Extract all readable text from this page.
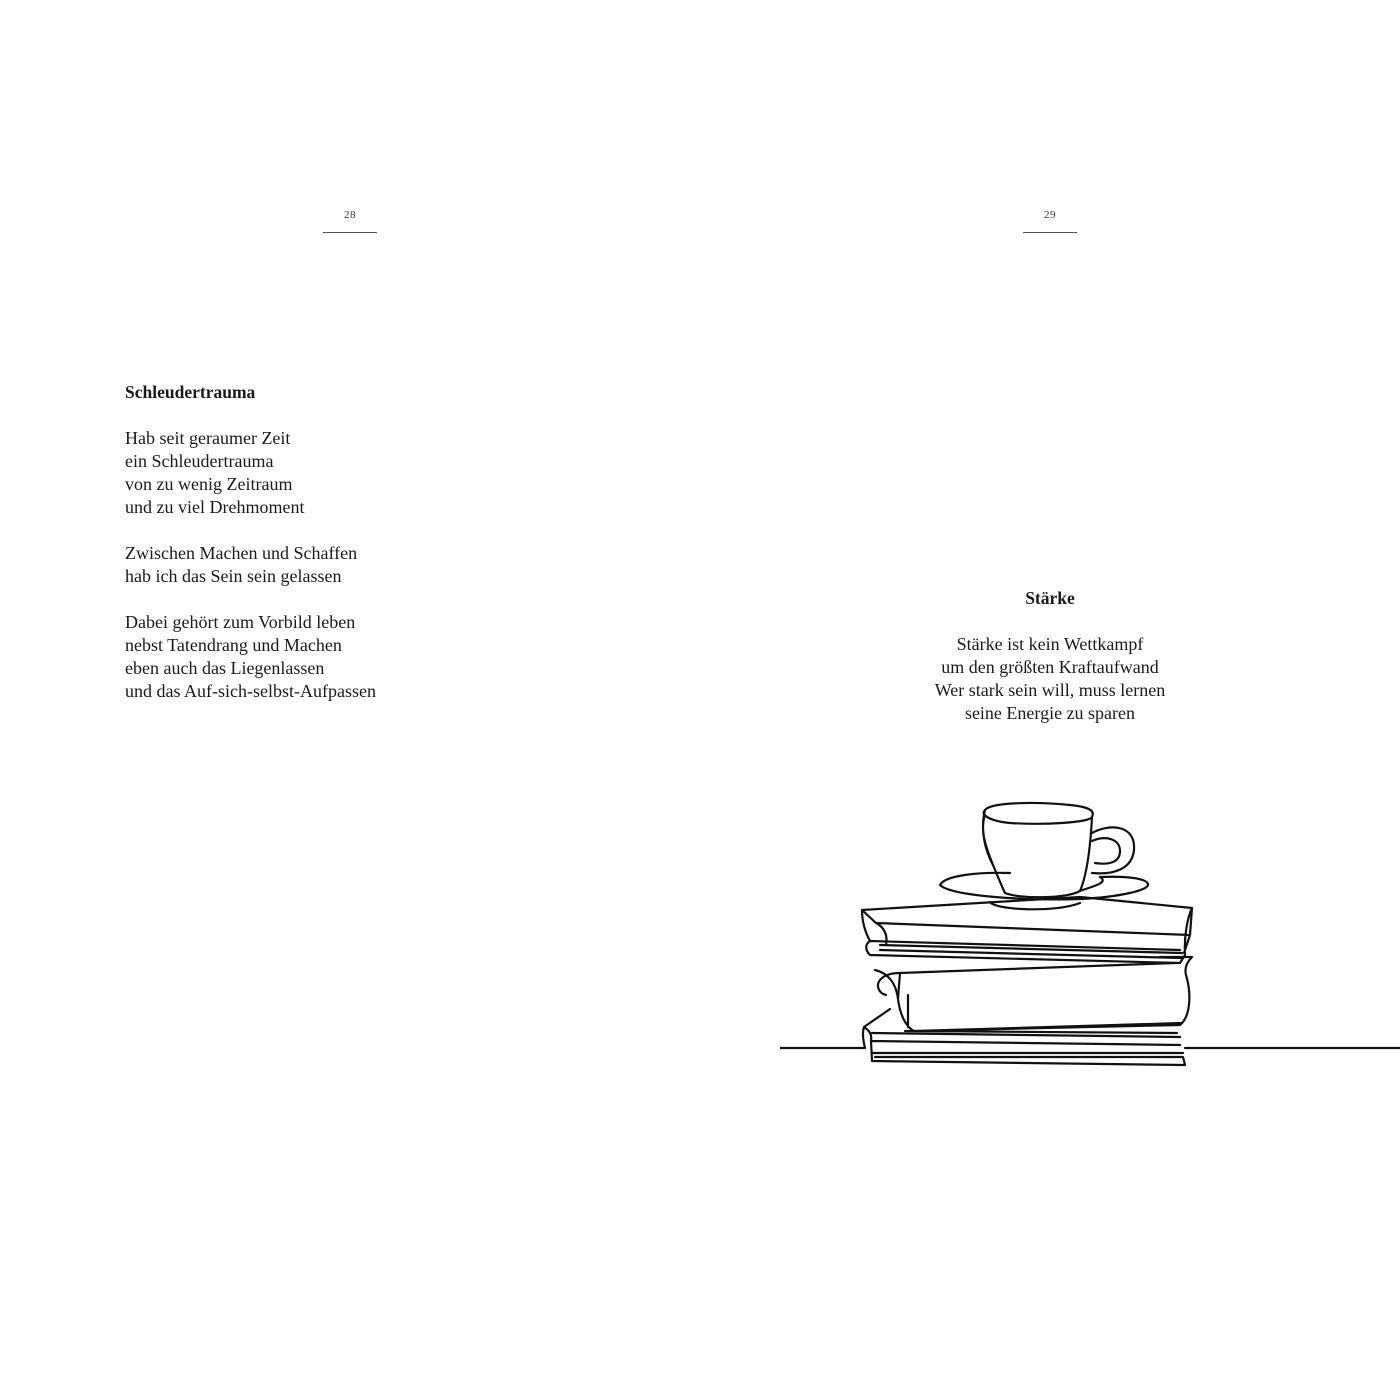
28
Schleudertrauma
Hab seit geraumer Zeit
ein Schleudertrauma
von zu wenig Zeitraum
und zu viel Drehmoment
Zwischen Machen und Schaffen
hab ich das Sein sein gelassen
Dabei gehört zum Vorbild leben
nebst Tatendrang und Machen
eben auch das Liegenlassen
und das Auf-sich-selbst-Aufpassen
29
Stärke
Stärke ist kein Wettkampf
um den größten Kraftaufwand
Wer stark sein will, muss lernen
seine Energie zu sparen
